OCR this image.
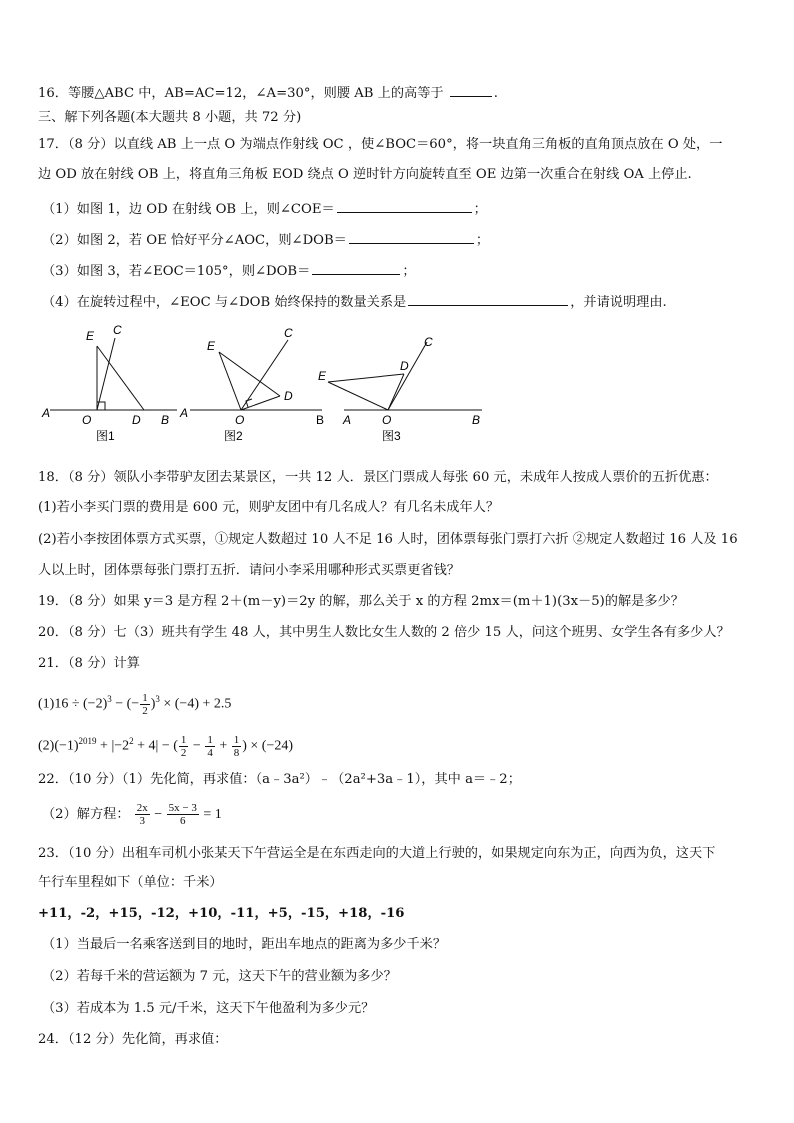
16．等腰△ABC 中，AB=AC=12，∠A=30°，则腰 AB 上的高等于	.
三、解下列各题(本大题共 8 小题，共 72 分)
17．（8 分）以直线 AB 上一点 O 为端点作射线 OC ，使∠BOC＝60°，将一块直角三角板的直角顶点放在 O 处，一
边 OD 放在射线 OB 上，将直角三角板 EOD 绕点 O 逆时针方向旋转直至 OE 边第一次重合在射线 OA 上停止.
（1）如图 1，边 OD 在射线 OB 上，则∠COE＝	；
（2）如图 2，若 OE 恰好平分∠AOC，则∠DOB＝	；
（3）如图 3，若∠EOC＝105°，则∠DOB＝	；
（4）在旋转过程中，∠EOC 与∠DOB 始终保持的数量关系是	，并请说明理由.
A	O	D B
E C
图1
A	O	B
E
C
D
图2
A	O	B
E
D
C
图3
18．（8 分）领队小李带驴友团去某景区，一共 12 人．景区门票成人每张 60 元，未成年人按成人票价的五折优惠：
(1)若小李买门票的费用是 600 元，则驴友团中有几名成人？有几名未成年人？
(2)若小李按团体票方式买票，①规定人数超过 10 人不足 16 人时，团体票每张门票打六折 ②规定人数超过 16 人及 16
人以上时，团体票每张门票打五折．请问小李采用哪种形式买票更省钱？
19．（8 分）如果 y＝3 是方程 2＋(m－y)＝2y 的解，那么关于 x 的方程 2mx＝(m＋1)(3x－5)的解是多少？
20．（8 分）七（3）班共有学生 48 人，其中男生人数比女生人数的 2 倍少 15 人，问这个班男、女学生各有多少人？
21．（8 分）计算
$(1)16 \div (-2)^3$ − (− $\frac{1}{2} )^3 \times (-4) + 2.5$
$(2)(-1)^{2019} + |-2^2 + 4|$ − ( $\frac{1}{2} - \frac{1}{4} + \frac{1}{8}$ ) × (−24)
22．（10 分）（1）先化简，再求值：（a﹣3a²）﹣（2a²+3a﹣1），其中 a＝﹣2；
（2）解方程： $\frac{2x}{3} - \frac{5x - 3}{6} = 1$
23．（10 分）出租车司机小张某天下午营运全是在东西走向的大道上行驶的，如果规定向东为正，向西为负，这天下
午行车里程如下（单位：千米）
+11，-2，+15，-12，+10，-11，+5，-15，+18，-16
（1）当最后一名乘客送到目的地时，距出车地点的距离为多少千米？
（2）若每千米的营运额为 7 元，这天下午的营业额为多少？
（3）若成本为 1.5 元/千米，这天下午他盈利为多少元？
24．（12 分）先化简，再求值：
